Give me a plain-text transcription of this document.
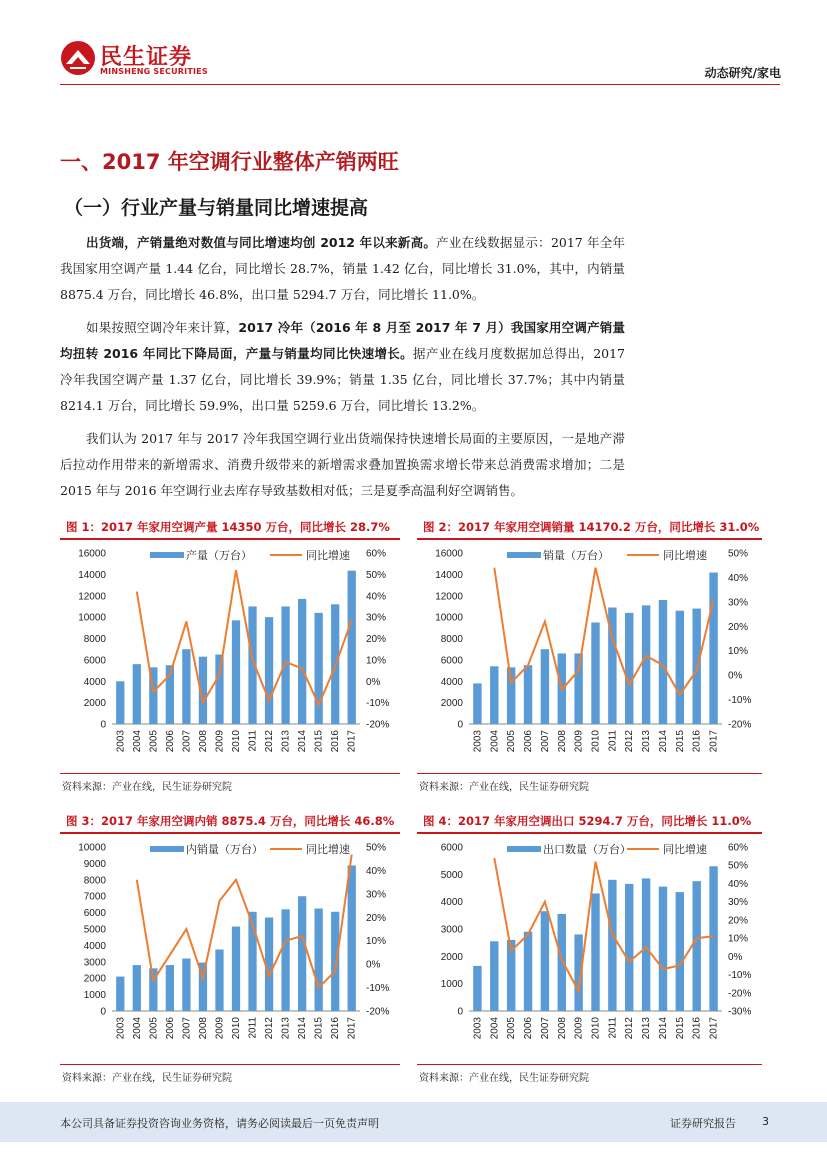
民生证券
MINSHENG SECURITIES	动态研究/家电
一、2017 年空调行业整体产销两旺
（一）行业产量与销量同比增速提高
出货端，产销量绝对数值与同比增速均创 2012 年以来新高。产业在线数据显示：2017 年全年我国家用空调产量 1.44 亿台，同比增长 28.7%，销量 1.42 亿台，同比增长 31.0%，其中，内销量 8875.4 万台，同比增长 46.8%，出口量 5294.7 万台，同比增长 11.0%。
如果按照空调冷年来计算，2017 冷年（2016 年 8 月至 2017 年 7 月）我国家用空调产销量均扭转 2016 年同比下降局面，产量与销量均同比快速增长。据产业在线月度数据加总得出，2017 冷年我国空调产量 1.37 亿台，同比增长 39.9%；销量 1.35 亿台，同比增长 37.7%；其中内销量 8214.1 万台，同比增长 59.9%，出口量 5259.6 万台，同比增长 13.2%。
我们认为 2017 年与 2017 冷年我国空调行业出货端保持快速增长局面的主要原因，一是地产滞后拉动作用带来的新增需求、消费升级带来的新增需求叠加置换需求增长带来总消费需求增加；二是 2015 年与 2016 年空调行业去库存导致基数相对低；三是夏季高温利好空调销售。
图 1：2017 年家用空调产量 14350 万台，同比增长 28.7%
0
2000
4000
6000
8000
10000
12000
14000
16000
-20%
-10%
0%
10%
20%
30%
40%
50%
60%
2003 2004 2005 2006 2007 2008 2009 2010 2011 2012 2013 2014 2015 2016 2017
产量（万台）	同比增速
资料来源：产业在线，民生证券研究院
图 2：2017 年家用空调销量 14170.2 万台，同比增长 31.0%
0
2000
4000
6000
8000
10000
12000
14000
16000
-20%
-10%
0%
10%
20%
30%
40%
50%
2003 2004 2005 2006 2007 2008 2009 2010 2011 2012 2013 2014 2015 2016 2017
销量（万台）	同比增速
资料来源：产业在线，民生证券研究院
图 3：2017 年家用空调内销 8875.4 万台，同比增长 46.8%
0
1000
2000
3000
4000
5000
6000
7000
8000
9000
10000
-20%
-10%
0%
10%
20%
30%
40%
50%
2003 2004 2005 2006 2007 2008 2009 2010 2011 2012 2013 2014 2015 2016 2017
内销量（万台）	同比增速
资料来源：产业在线，民生证券研究院
图 4：2017 年家用空调出口 5294.7 万台，同比增长 11.0%
0
1000
2000
3000
4000
5000
6000
-30%
-20%
-10%
0%
10%
20%
30%
40%
50%
60%
2003 2004 2005 2006 2007 2008 2009 2010 2011 2012 2013 2014 2015 2016 2017
出口数量（万台）	同比增速
资料来源：产业在线，民生证券研究院
本公司具备证券投资咨询业务资格，请务必阅读最后一页免责声明	证券研究报告 3
